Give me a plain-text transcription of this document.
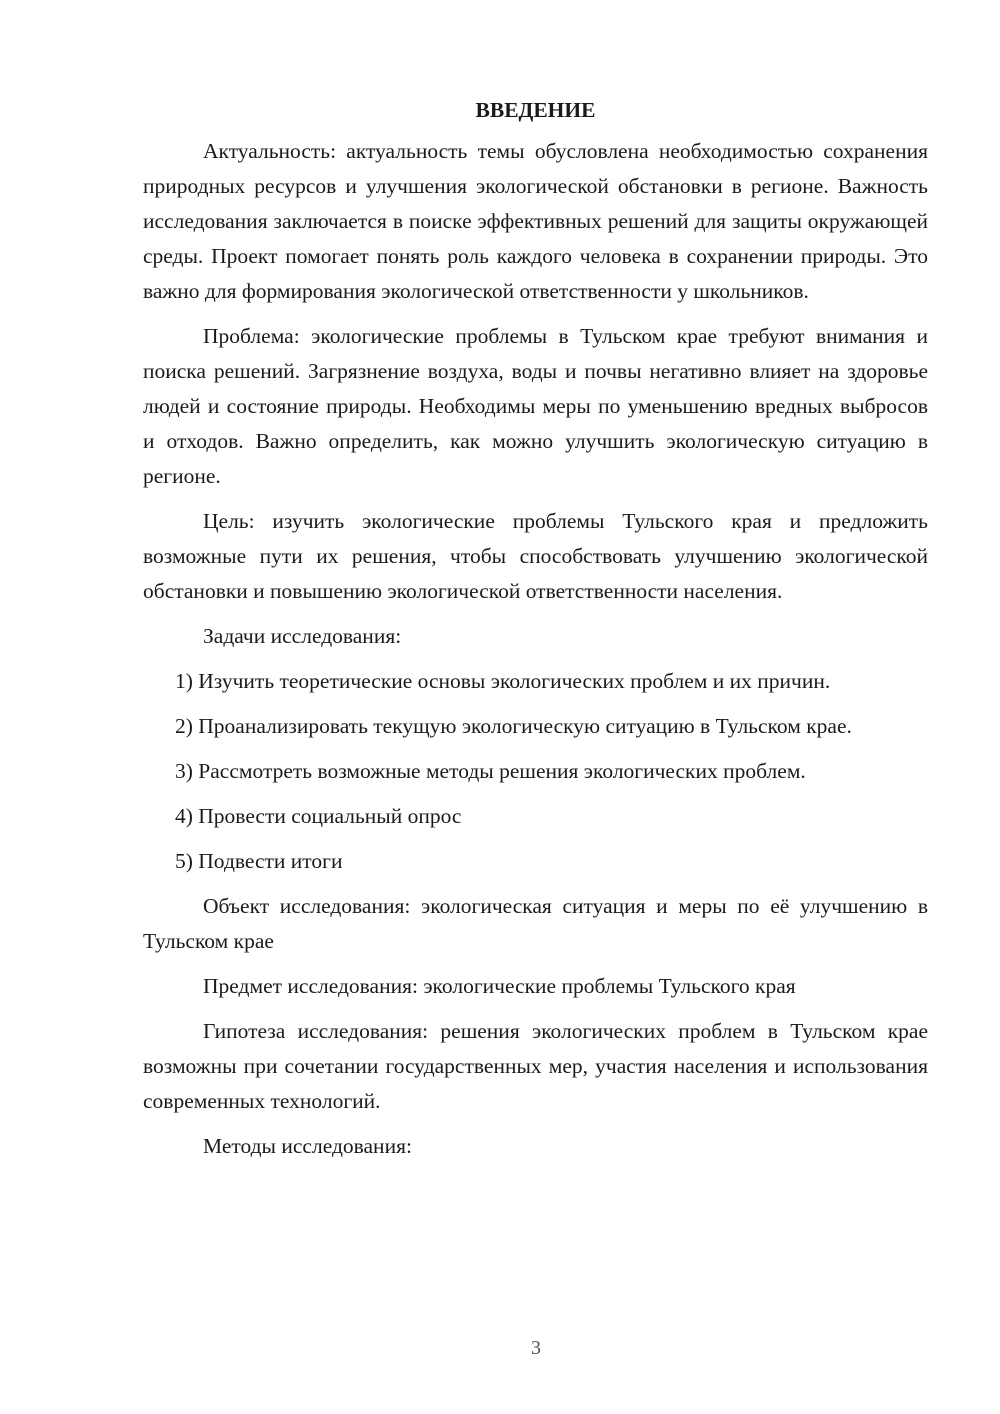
ВВЕДЕНИЕ

Актуальность: актуальность темы обусловлена необходимостью сохранения природных ресурсов и улучшения экологической обстановки в регионе. Важность исследования заключается в поиске эффективных решений для защиты окружающей среды. Проект помогает понять роль каждого человека в сохранении природы. Это важно для формирования экологической ответственности у школьников.

Проблема: экологические проблемы в Тульском крае требуют внимания и поиска решений. Загрязнение воздуха, воды и почвы негативно влияет на здоровье людей и состояние природы. Необходимы меры по уменьшению вредных выбросов и отходов. Важно определить, как можно улучшить экологическую ситуацию в регионе.

Цель: изучить экологические проблемы Тульского края и предложить возможные пути их решения, чтобы способствовать улучшению экологической обстановки и повышению экологической ответственности населения.

Задачи исследования:

1) Изучить теоретические основы экологических проблем и их причин.

2) Проанализировать текущую экологическую ситуацию в Тульском крае.

3) Рассмотреть возможные методы решения экологических проблем.

4) Провести социальный опрос

5) Подвести итоги

Объект исследования: экологическая ситуация и меры по её улучшению в Тульском крае

Предмет исследования: экологические проблемы Тульского края

Гипотеза исследования: решения экологических проблем в Тульском крае возможны при сочетании государственных мер, участия населения и использования современных технологий.

Методы исследования:

3
